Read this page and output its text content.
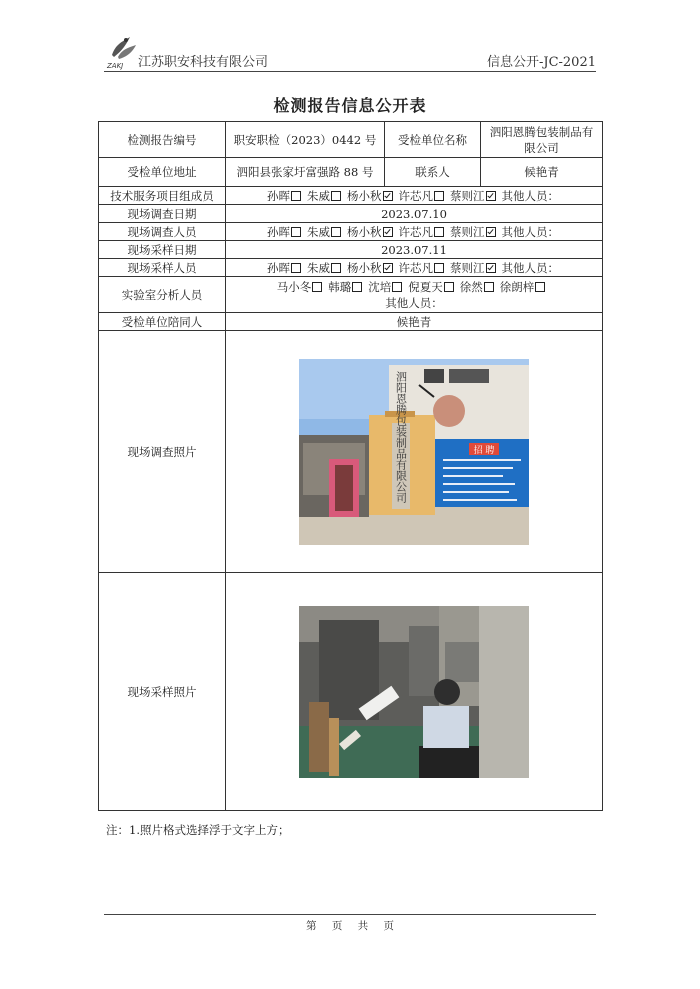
ZAKJ 江苏职安科技有限公司	信息公开-JC-2021
检测报告信息公开表
检测报告编号	职安职检（2023）0442 号	受检单位名称	泗阳恩腾包装制品有限公司
受检单位地址	泗阳县张家圩富强路 88 号	联系人	候艳青
技术服务项目组成员	孙晖 朱威 杨小秋 许芯凡 蔡则江 其他人员：		
现场调查日期	2023.07.10		
现场调查人员	孙晖 朱威 杨小秋 许芯凡 蔡则江 其他人员：		
现场采样日期	2023.07.11		
现场采样人员	孙晖 朱威 杨小秋 许芯凡 蔡则江 其他人员：		
实验室分析人员	马小冬 韩璐 沈培 倪夏天 徐然 徐朗梓
其他人员：		

受检单位陪同人	候艳青		
现场调查照片	泗阳恩腾包装制品有限公司 招 聘		

现场采样照片	
注：1.照片格式选择浮于文字上方；
第 页 共 页
